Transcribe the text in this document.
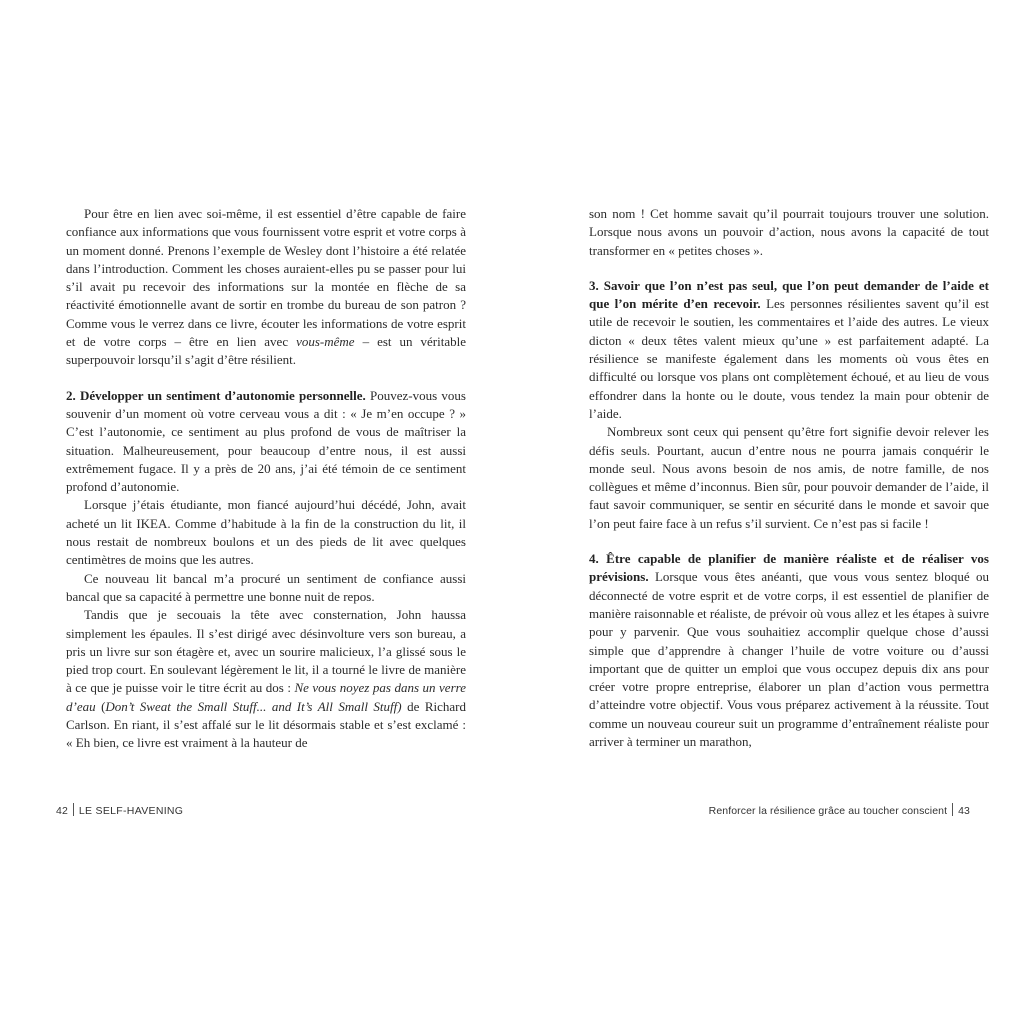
Pour être en lien avec soi-même, il est essentiel d’être capable de faire confiance aux informations que vous fournissent votre esprit et votre corps à un moment donné. Prenons l’exemple de Wesley dont l’histoire a été relatée dans l’introduction. Comment les choses auraient-elles pu se passer pour lui s’il avait pu recevoir des informations sur la montée en flèche de sa réactivité émotionnelle avant de sortir en trombe du bureau de son patron ? Comme vous le verrez dans ce livre, écouter les informations de votre esprit et de votre corps – être en lien avec vous-même – est un véritable superpouvoir lorsqu’il s’agit d’être résilient.

2. Développer un sentiment d’autonomie personnelle. Pouvez-vous vous souvenir d’un moment où votre cerveau vous a dit : « Je m’en occupe ? » C’est l’autonomie, ce sentiment au plus profond de vous de maîtriser la situation. Malheureusement, pour beaucoup d’entre nous, il est aussi extrêmement fugace. Il y a près de 20 ans, j’ai été témoin de ce sentiment profond d’autonomie.

Lorsque j’étais étudiante, mon fiancé aujourd’hui décédé, John, avait acheté un lit IKEA. Comme d’habitude à la fin de la construction du lit, il nous restait de nombreux boulons et un des pieds de lit avec quelques centimètres de moins que les autres.

Ce nouveau lit bancal m’a procuré un sentiment de confiance aussi bancal que sa capacité à permettre une bonne nuit de repos.

Tandis que je secouais la tête avec consternation, John haussa simplement les épaules. Il s’est dirigé avec désinvolture vers son bureau, a pris un livre sur son étagère et, avec un sourire malicieux, l’a glissé sous le pied trop court. En soulevant légèrement le lit, il a tourné le livre de manière à ce que je puisse voir le titre écrit au dos : Ne vous noyez pas dans un verre d’eau (Don’t Sweat the Small Stuff... and It’s All Small Stuff) de Richard Carlson. En riant, il s’est affalé sur le lit désormais stable et s’est exclamé : « Eh bien, ce livre est vraiment à la hauteur de

son nom ! Cet homme savait qu’il pourrait toujours trouver une solution. Lorsque nous avons un pouvoir d’action, nous avons la capacité de tout transformer en « petites choses ».

3. Savoir que l’on n’est pas seul, que l’on peut demander de l’aide et que l’on mérite d’en recevoir. Les personnes résilientes savent qu’il est utile de recevoir le soutien, les commentaires et l’aide des autres. Le vieux dicton « deux têtes valent mieux qu’une » est parfaitement adapté. La résilience se manifeste également dans les moments où vous êtes en difficulté ou lorsque vos plans ont complètement échoué, et au lieu de vous effondrer dans la honte ou le doute, vous tendez la main pour obtenir de l’aide.

Nombreux sont ceux qui pensent qu’être fort signifie devoir relever les défis seuls. Pourtant, aucun d’entre nous ne pourra jamais conquérir le monde seul. Nous avons besoin de nos amis, de notre famille, de nos collègues et même d’inconnus. Bien sûr, pour pouvoir demander de l’aide, il faut savoir communiquer, se sentir en sécurité dans le monde et savoir que l’on peut faire face à un refus s’il survient. Ce n’est pas si facile !

4. Être capable de planifier de manière réaliste et de réaliser vos prévisions. Lorsque vous êtes anéanti, que vous vous sentez bloqué ou déconnecté de votre esprit et de votre corps, il est essentiel de planifier de manière raisonnable et réaliste, de prévoir où vous allez et les étapes à suivre pour y parvenir. Que vous souhaitiez accomplir quelque chose d’aussi simple que d’apprendre à changer l’huile de votre voiture ou d’aussi important que de quitter un emploi que vous occupez depuis dix ans pour créer votre propre entreprise, élaborer un plan d’action vous permettra d’atteindre votre objectif. Vous vous préparez activement à la réussite. Tout comme un nouveau coureur suit un programme d’entraînement réaliste pour arriver à terminer un marathon,

42 LE SELF-HAVENING	Renforcer la résilience grâce au toucher conscient 43
